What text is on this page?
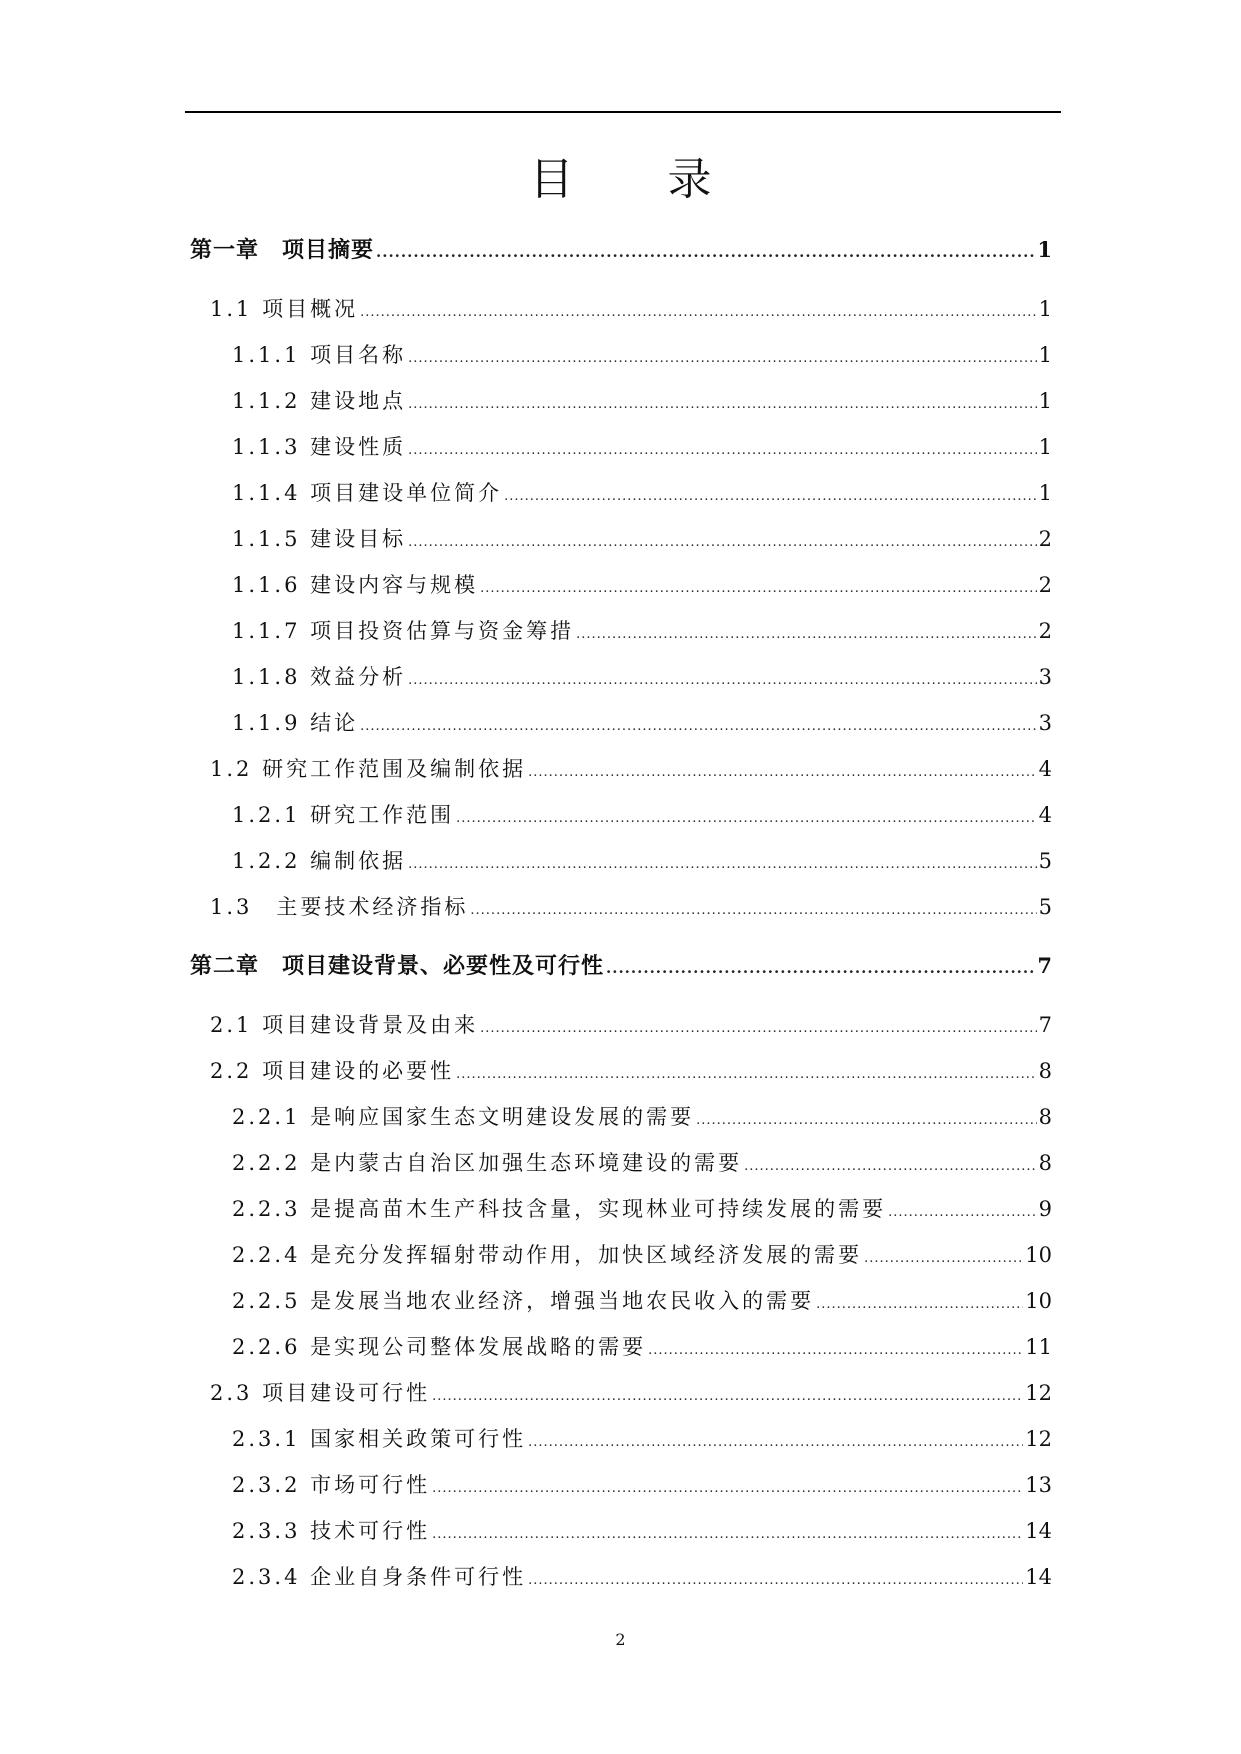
目 录
第一章　项目摘要 .....	1
1.1 项目概况 .....	1
1.1.1 项目名称 .....	1
1.1.2 建设地点 .....	1
1.1.3 建设性质 .....	1
1.1.4 项目建设单位简介 .....	1
1.1.5 建设目标 .....	2
1.1.6 建设内容与规模 .....	2
1.1.7 项目投资估算与资金筹措 .....	2
1.1.8 效益分析 .....	3
1.1.9 结论 .....	3
1.2 研究工作范围及编制依据 .....	4
1.2.1 研究工作范围 .....	4
1.2.2 编制依据 .....	5
1.3　主要技术经济指标 .....	5
第二章　项目建设背景、必要性及可行性 .....	7
2.1 项目建设背景及由来 .....	7
2.2 项目建设的必要性 .....	8
2.2.1 是响应国家生态文明建设发展的需要 .....	8
2.2.2 是内蒙古自治区加强生态环境建设的需要 .....	8
2.2.3 是提高苗木生产科技含量，实现林业可持续发展的需要 .....	9
2.2.4 是充分发挥辐射带动作用，加快区域经济发展的需要 .....	10
2.2.5 是发展当地农业经济，增强当地农民收入的需要 .....	10
2.2.6 是实现公司整体发展战略的需要 .....	11
2.3 项目建设可行性 .....	12
2.3.1 国家相关政策可行性 .....	12
2.3.2 市场可行性 .....	13
2.3.3 技术可行性 .....	14
2.3.4 企业自身条件可行性 .....	14
2
